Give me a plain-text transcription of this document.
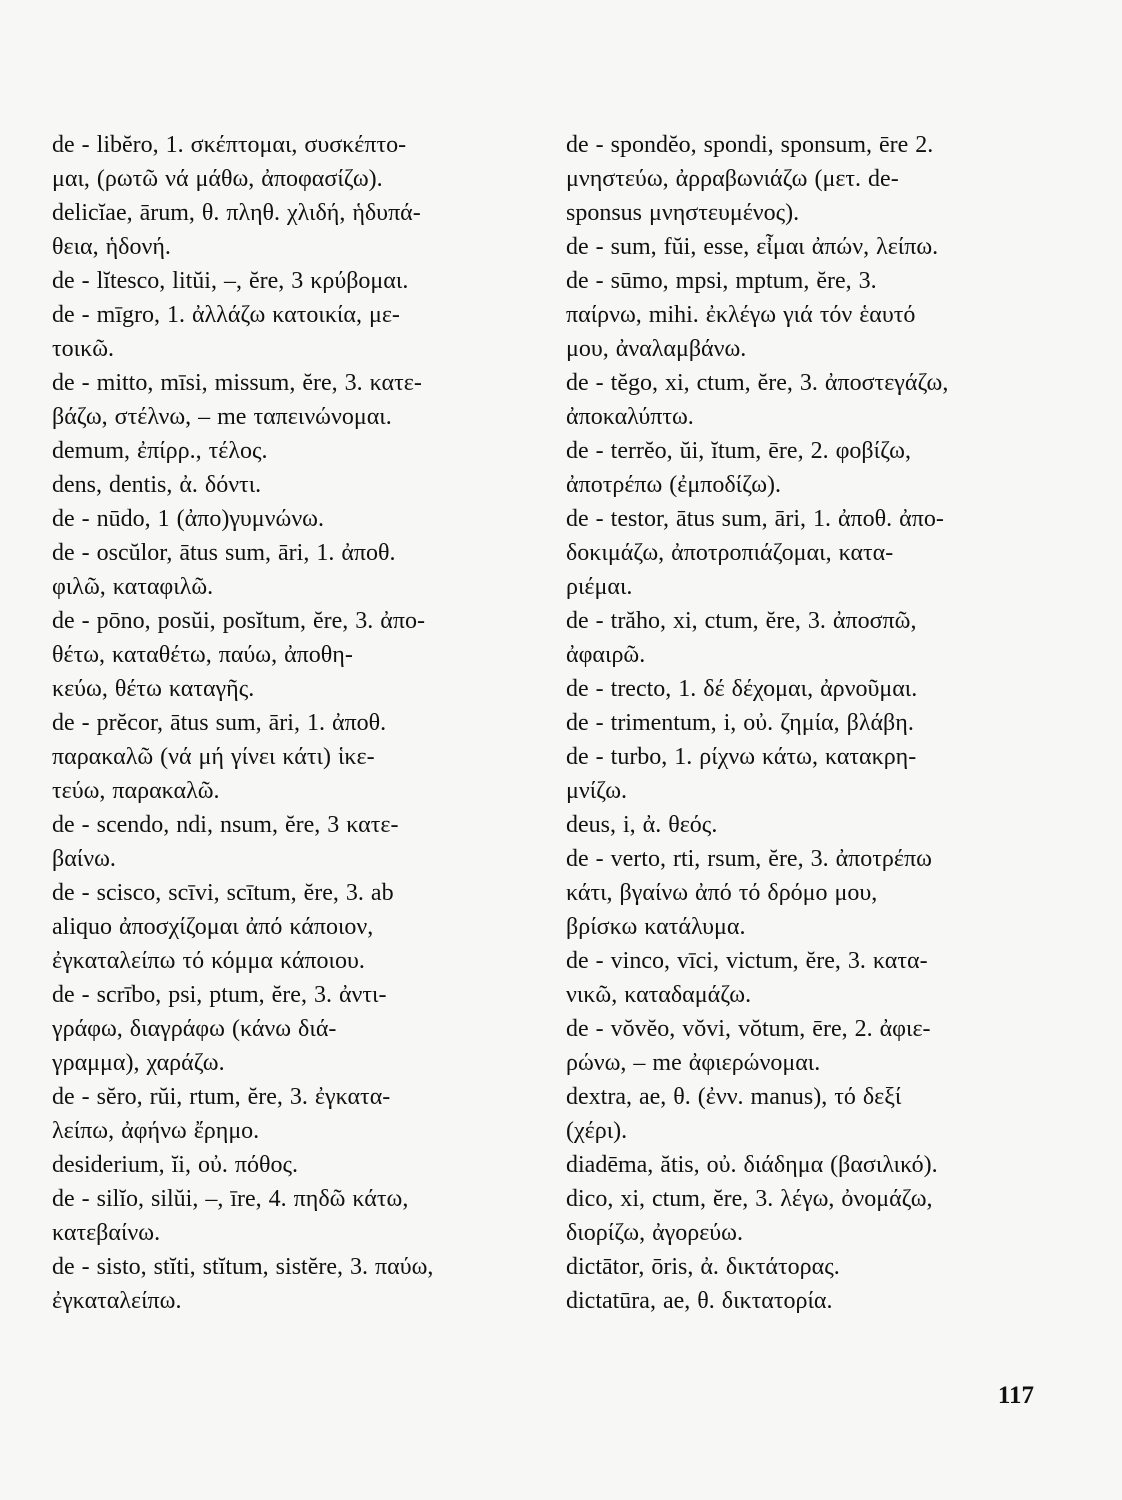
de - libĕro, 1. σκέπτομαι, συσκέπτο-
μαι, (ρωτῶ νά μάθω, ἀποφασίζω).
delicĭae, ārum, θ. πληθ. χλιδή, ἡδυπά-
θεια, ἡδονή.
de - lĭtesco, litŭi, –, ĕre, 3 κρύβομαι.
de - mīgro, 1. ἀλλάζω κατοικία, με-
τοικῶ.
de - mitto, mīsi, missum, ĕre, 3. κατε-
βάζω, στέλνω, – me ταπεινώνομαι.
demum, ἐπίρρ., τέλος.
dens, dentis, ἀ. δόντι.
de - nūdo, 1 (ἀπο)γυμνώνω.
de - oscŭlor, ātus sum, āri, 1. ἀποθ.
φιλῶ, καταφιλῶ.
de - pōno, posŭi, posĭtum, ĕre, 3. ἀπο-
θέτω, καταθέτω, παύω, ἀποθη-
κεύω, θέτω καταγῆς.
de - prĕcor, ātus sum, āri, 1. ἀποθ.
παρακαλῶ (νά μή γίνει κάτι) ἱκε-
τεύω, παρακαλῶ.
de - scendo, ndi, nsum, ĕre, 3 κατε-
βαίνω.
de - scisco, scīvi, scītum, ĕre, 3. ab
aliquo ἀποσχίζομαι ἀπό κάποιον,
ἐγκαταλείπω τό κόμμα κάποιου.
de - scrībo, psi, ptum, ĕre, 3. ἀντι-
γράφω, διαγράφω (κάνω διά-
γραμμα), χαράζω.
de - sĕro, rŭi, rtum, ĕre, 3. ἐγκατα-
λείπω, ἀφήνω ἔρημο.
desiderium, ĭi, οὐ. πόθος.
de - silĭo, silŭi, –, īre, 4. πηδῶ κάτω,
κατεβαίνω.
de - sisto, stĭti, stĭtum, sistĕre, 3. παύω,
ἐγκαταλείπω.
de - spondĕo, spondi, sponsum, ēre 2.
μνηστεύω, ἀρραβωνιάζω (μετ. de-
sponsus μνηστευμένος).
de - sum, fŭi, esse, εἶμαι ἀπών, λείπω.
de - sūmo, mpsi, mptum, ĕre, 3.
παίρνω, mihi. ἐκλέγω γιά τόν ἑαυτό
μου, ἀναλαμβάνω.
de - tĕgo, xi, ctum, ĕre, 3. ἀποστεγάζω,
ἀποκαλύπτω.
de - terrĕo, ŭi, ĭtum, ēre, 2. φοβίζω,
ἀποτρέπω (ἐμποδίζω).
de - testor, ātus sum, āri, 1. ἀποθ. ἀπο-
δοκιμάζω, ἀποτροπιάζομαι, κατα-
ριέμαι.
de - trăho, xi, ctum, ĕre, 3. ἀποσπῶ,
ἀφαιρῶ.
de - trecto, 1. δέ δέχομαι, ἀρνοῦμαι.
de - trimentum, i, οὐ. ζημία, βλάβη.
de - turbo, 1. ρίχνω κάτω, κατακρη-
μνίζω.
deus, i, ἀ. θεός.
de - verto, rti, rsum, ĕre, 3. ἀποτρέπω
κάτι, βγαίνω ἀπό τό δρόμο μου,
βρίσκω κατάλυμα.
de - vinco, vīci, victum, ĕre, 3. κατα-
νικῶ, καταδαμάζω.
de - vŏvĕo, vŏvi, vŏtum, ēre, 2. ἀφιε-
ρώνω, – me ἀφιερώνομαι.
dextra, ae, θ. (ἐνν. manus), τό δεξί
(χέρι).
diadēma, ătis, οὐ. διάδημα (βασιλικό).
dico, xi, ctum, ĕre, 3. λέγω, ὀνομάζω,
διορίζω, ἀγορεύω.
dictātor, ōris, ἀ. δικτάτορας.
dictatūra, ae, θ. δικτατορία.
117
